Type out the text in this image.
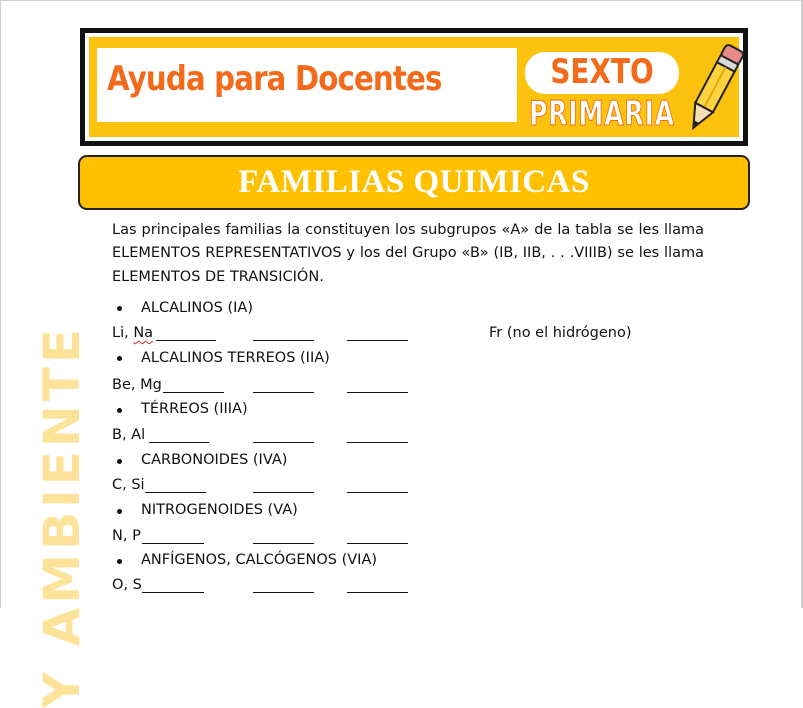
Y AMBIENTE
Ayuda para Docentes	SEXTO
PRIMARIA
FAMILIAS QUIMICAS
Las principales familias la constituyen los subgrupos «A» de la tabla se les llama
ELEMENTOS REPRESENTATIVOS y los del Grupo «B» (IB, IIB, . . .VIIIB) se les llama
ELEMENTOS DE TRANSICIÓN.
ALCALINOS (IA)
Li, Na	Fr (no el hidrógeno)
ALCALINOS TERREOS (IIA)
Be, Mg
TÉRREOS (IIIA)
B, Al
CARBONOIDES (IVA)
C, Si
NITROGENOIDES (VA)
N, P
ANFÍGENOS, CALCÓGENOS (VIA)
O, S
